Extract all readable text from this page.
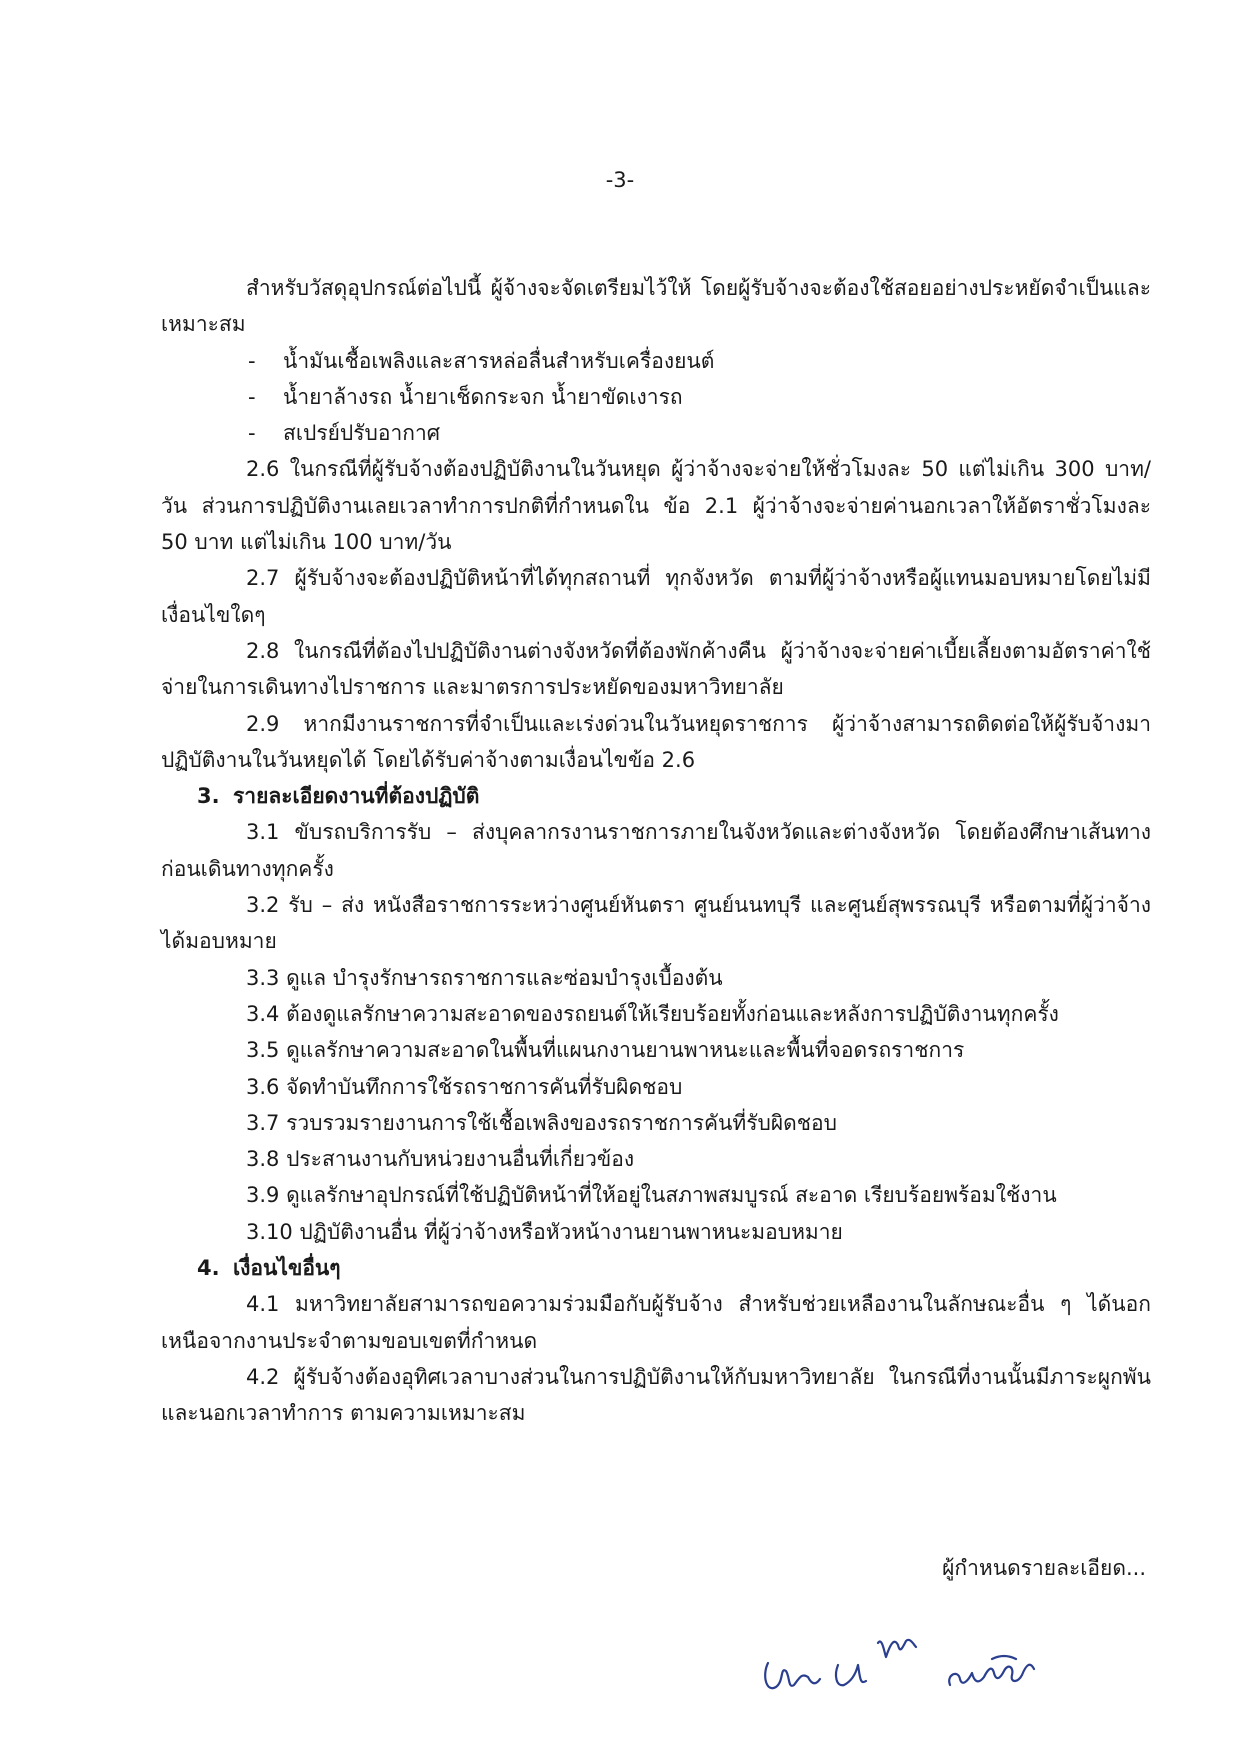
-3-

สำหรับวัสดุอุปกรณ์ต่อไปนี้ ผู้จ้างจะจัดเตรียมไว้ให้ โดยผู้รับจ้างจะต้องใช้สอยอย่างประหยัดจำเป็นและเหมาะสม

-	น้ำมันเชื้อเพลิงและสารหล่อลื่นสำหรับเครื่องยนต์
-	น้ำยาล้างรถ น้ำยาเช็ดกระจก น้ำยาขัดเงารถ
-	สเปรย์ปรับอากาศ

2.6 ในกรณีที่ผู้รับจ้างต้องปฏิบัติงานในวันหยุด ผู้ว่าจ้างจะจ่ายให้ชั่วโมงละ 50 แต่ไม่เกิน 300 บาท/วัน ส่วนการปฏิบัติงานเลยเวลาทำการปกติที่กำหนดใน ข้อ 2.1 ผู้ว่าจ้างจะจ่ายค่านอกเวลาให้อัตราชั่วโมงละ 50 บาท แต่ไม่เกิน 100 บาท/วัน

2.7 ผู้รับจ้างจะต้องปฏิบัติหน้าที่ได้ทุกสถานที่ ทุกจังหวัด ตามที่ผู้ว่าจ้างหรือผู้แทนมอบหมายโดยไม่มีเงื่อนไขใดๆ

2.8 ในกรณีที่ต้องไปปฏิบัติงานต่างจังหวัดที่ต้องพักค้างคืน ผู้ว่าจ้างจะจ่ายค่าเบี้ยเลี้ยงตามอัตราค่าใช้จ่ายในการเดินทางไปราชการ และมาตรการประหยัดของมหาวิทยาลัย

2.9 หากมีงานราชการที่จำเป็นและเร่งด่วนในวันหยุดราชการ ผู้ว่าจ้างสามารถติดต่อให้ผู้รับจ้างมาปฏิบัติงานในวันหยุดได้ โดยได้รับค่าจ้างตามเงื่อนไขข้อ 2.6

3. รายละเอียดงานที่ต้องปฏิบัติ

3.1 ขับรถบริการรับ – ส่งบุคลากรงานราชการภายในจังหวัดและต่างจังหวัด โดยต้องศึกษาเส้นทางก่อนเดินทางทุกครั้ง

3.2 รับ – ส่ง หนังสือราชการระหว่างศูนย์หันตรา ศูนย์นนทบุรี และศูนย์สุพรรณบุรี หรือตามที่ผู้ว่าจ้างได้มอบหมาย

3.3 ดูแล บำรุงรักษารถราชการและซ่อมบำรุงเบื้องต้น

3.4 ต้องดูแลรักษาความสะอาดของรถยนต์ให้เรียบร้อยทั้งก่อนและหลังการปฏิบัติงานทุกครั้ง

3.5 ดูแลรักษาความสะอาดในพื้นที่แผนกงานยานพาหนะและพื้นที่จอดรถราชการ

3.6 จัดทำบันทึกการใช้รถราชการคันที่รับผิดชอบ

3.7 รวบรวมรายงานการใช้เชื้อเพลิงของรถราชการคันที่รับผิดชอบ

3.8 ประสานงานกับหน่วยงานอื่นที่เกี่ยวข้อง

3.9 ดูแลรักษาอุปกรณ์ที่ใช้ปฏิบัติหน้าที่ให้อยู่ในสภาพสมบูรณ์ สะอาด เรียบร้อยพร้อมใช้งาน

3.10 ปฏิบัติงานอื่น ที่ผู้ว่าจ้างหรือหัวหน้างานยานพาหนะมอบหมาย

4. เงื่อนไขอื่นๆ

4.1 มหาวิทยาลัยสามารถขอความร่วมมือกับผู้รับจ้าง สำหรับช่วยเหลืองานในลักษณะอื่น ๆ ได้นอกเหนือจากงานประจำตามขอบเขตที่กำหนด

4.2 ผู้รับจ้างต้องอุทิศเวลาบางส่วนในการปฏิบัติงานให้กับมหาวิทยาลัย ในกรณีที่งานนั้นมีภาระผูกพันและนอกเวลาทำการ ตามความเหมาะสม

ผู้กำหนดรายละเอียด...
